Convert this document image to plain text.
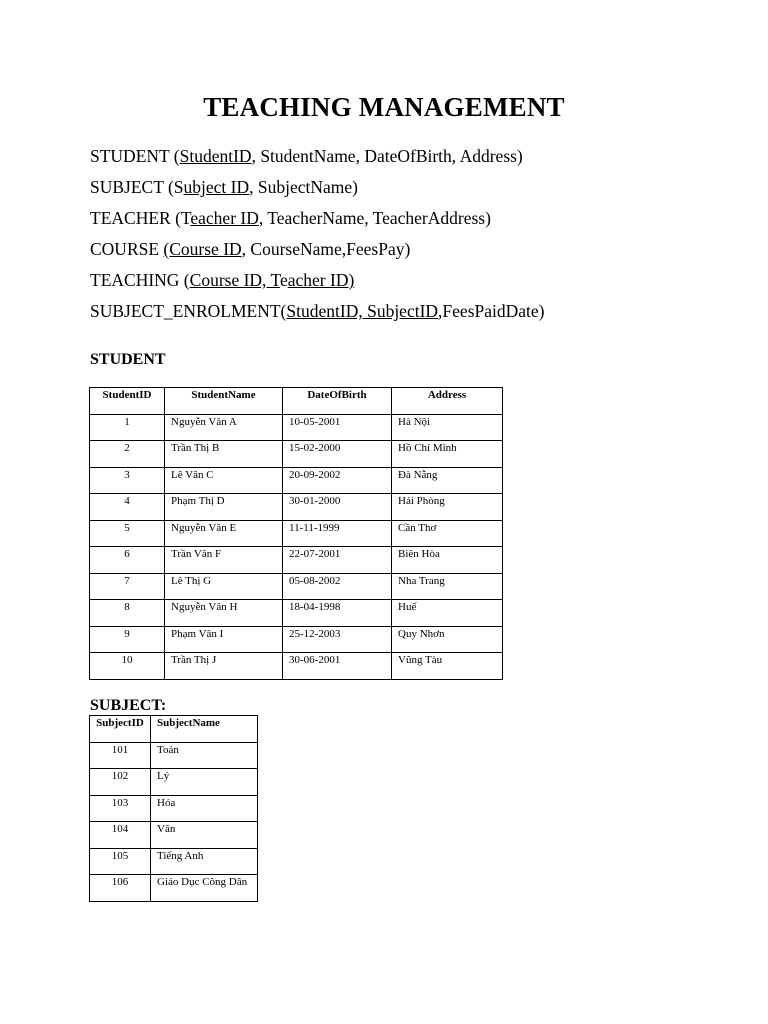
TEACHING MANAGEMENT
STUDENT (StudentID, StudentName, DateOfBirth, Address)
SUBJECT (Subject ID, SubjectName)
TEACHER (Teacher ID, TeacherName, TeacherAddress)
COURSE (Course ID, CourseName,FeesPay)
TEACHING (Course ID, Teacher ID)
SUBJECT_ENROLMENT(StudentID, SubjectID,FeesPaidDate)
STUDENT
StudentID	StudentName	DateOfBirth	Address
1	Nguyễn Văn A	10-05-2001	Hà Nội
2	Trần Thị B	15-02-2000	Hồ Chí Minh
3	Lê Văn C	20-09-2002	Đà Nẵng
4	Phạm Thị D	30-01-2000	Hải Phòng
5	Nguyễn Văn E	11-11-1999	Cần Thơ
6	Trần Văn F	22-07-2001	Biên Hòa
7	Lê Thị G	05-08-2002	Nha Trang
8	Nguyễn Văn H	18-04-1998	Huế
9	Phạm Văn I	25-12-2003	Quy Nhơn
10	Trần Thị J	30-06-2001	Vũng Tàu
SUBJECT:
SubjectID	SubjectName
101	Toán
102	Lý
103	Hóa
104	Văn
105	Tiếng Anh
106	Giáo Dục Công Dân
